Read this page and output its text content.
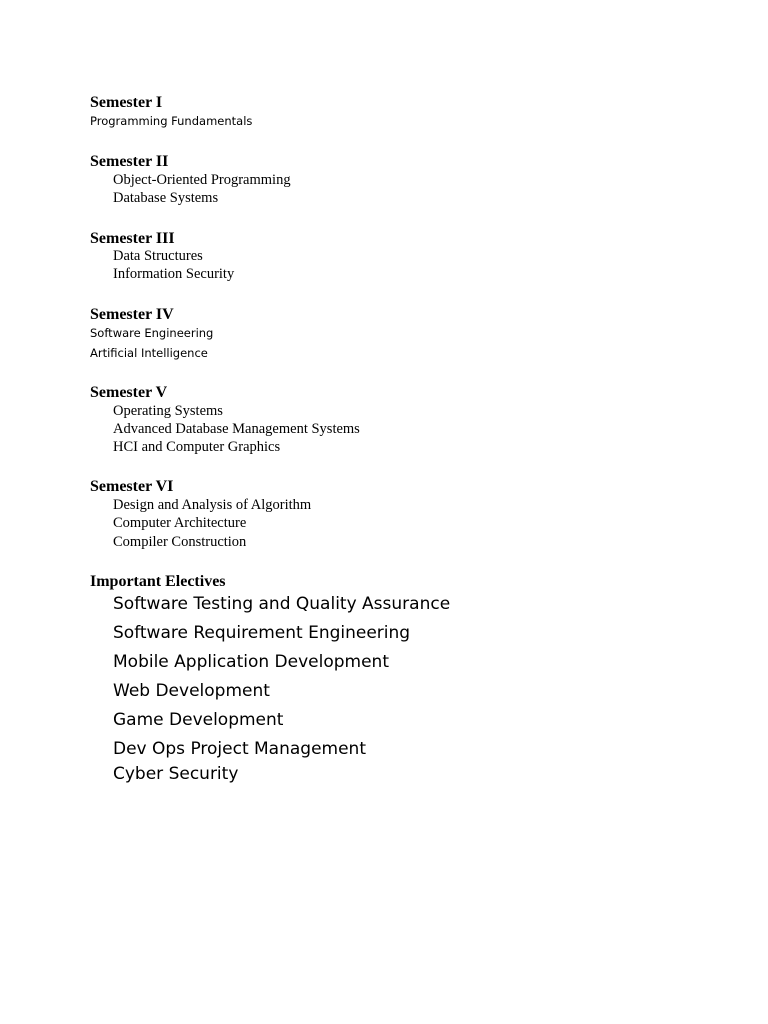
Semester I
Programming Fundamentals
Semester II
Object-Oriented Programming
Database Systems
Semester III
Data Structures
Information Security
Semester IV
Software Engineering
Artificial Intelligence
Semester V
Operating Systems
Advanced Database Management Systems
HCI and Computer Graphics
Semester VI
Design and Analysis of Algorithm
Computer Architecture
Compiler Construction
Important Electives
Software Testing and Quality Assurance
Software Requirement Engineering
Mobile Application Development
Web Development
Game Development
Dev Ops Project Management
Cyber Security
